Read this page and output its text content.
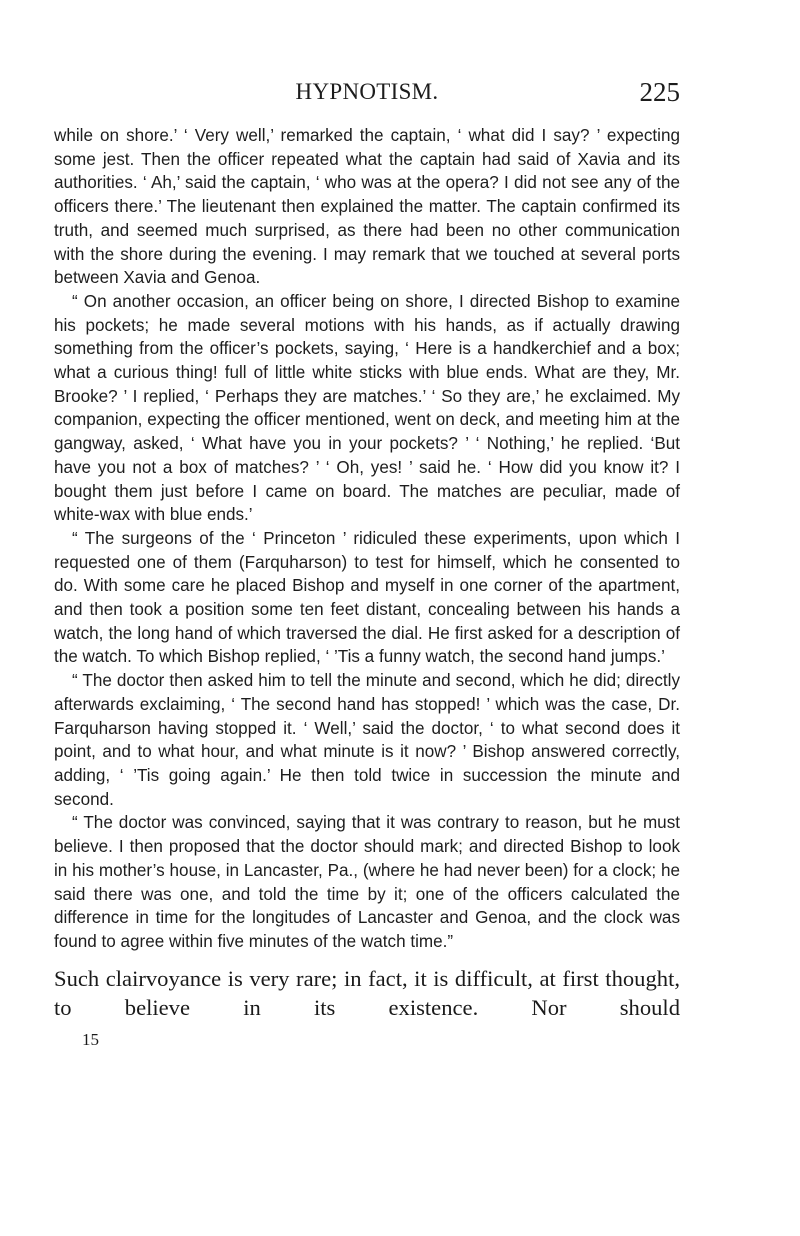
HYPNOTISM.	225

while on shore.’ ‘ Very well,’ remarked the captain, ‘ what did I say? ’ expecting some jest. Then the officer repeated what the captain had said of Xavia and its authorities. ‘ Ah,’ said the captain, ‘ who was at the opera? I did not see any of the officers there.’ The lieutenant then explained the matter. The captain confirmed its truth, and seemed much surprised, as there had been no other communication with the shore during the evening. I may remark that we touched at several ports between Xavia and Genoa.

“ On another occasion, an officer being on shore, I directed Bishop to examine his pockets; he made several motions with his hands, as if actually drawing something from the officer’s pockets, saying, ‘ Here is a handkerchief and a box; what a curious thing! full of little white sticks with blue ends. What are they, Mr. Brooke? ’ I replied, ‘ Perhaps they are matches.’ ‘ So they are,’ he exclaimed. My companion, expecting the officer mentioned, went on deck, and meeting him at the gangway, asked, ‘ What have you in your pockets? ’ ‘ Nothing,’ he replied. ‘But have you not a box of matches? ’ ‘ Oh, yes! ’ said he. ‘ How did you know it? I bought them just before I came on board. The matches are peculiar, made of white-wax with blue ends.’

“ The surgeons of the ‘ Princeton ’ ridiculed these experiments, upon which I requested one of them (Farquharson) to test for himself, which he consented to do. With some care he placed Bishop and myself in one corner of the apartment, and then took a position some ten feet distant, concealing between his hands a watch, the long hand of which traversed the dial. He first asked for a description of the watch. To which Bishop replied, ‘ ’Tis a funny watch, the second hand jumps.’

“ The doctor then asked him to tell the minute and second, which he did; directly afterwards exclaiming, ‘ The second hand has stopped! ’ which was the case, Dr. Farquharson having stopped it. ‘ Well,’ said the doctor, ‘ to what second does it point, and to what hour, and what minute is it now? ’ Bishop answered correctly, adding, ‘ ’Tis going again.’ He then told twice in succession the minute and second.

“ The doctor was convinced, saying that it was contrary to reason, but he must believe. I then proposed that the doctor should mark; and directed Bishop to look in his mother’s house, in Lancaster, Pa., (where he had never been) for a clock; he said there was one, and told the time by it; one of the officers calculated the difference in time for the longitudes of Lancaster and Genoa, and the clock was found to agree within five minutes of the watch time.”

Such clairvoyance is very rare; in fact, it is difficult, at first thought, to believe in its existence. Nor should

15
